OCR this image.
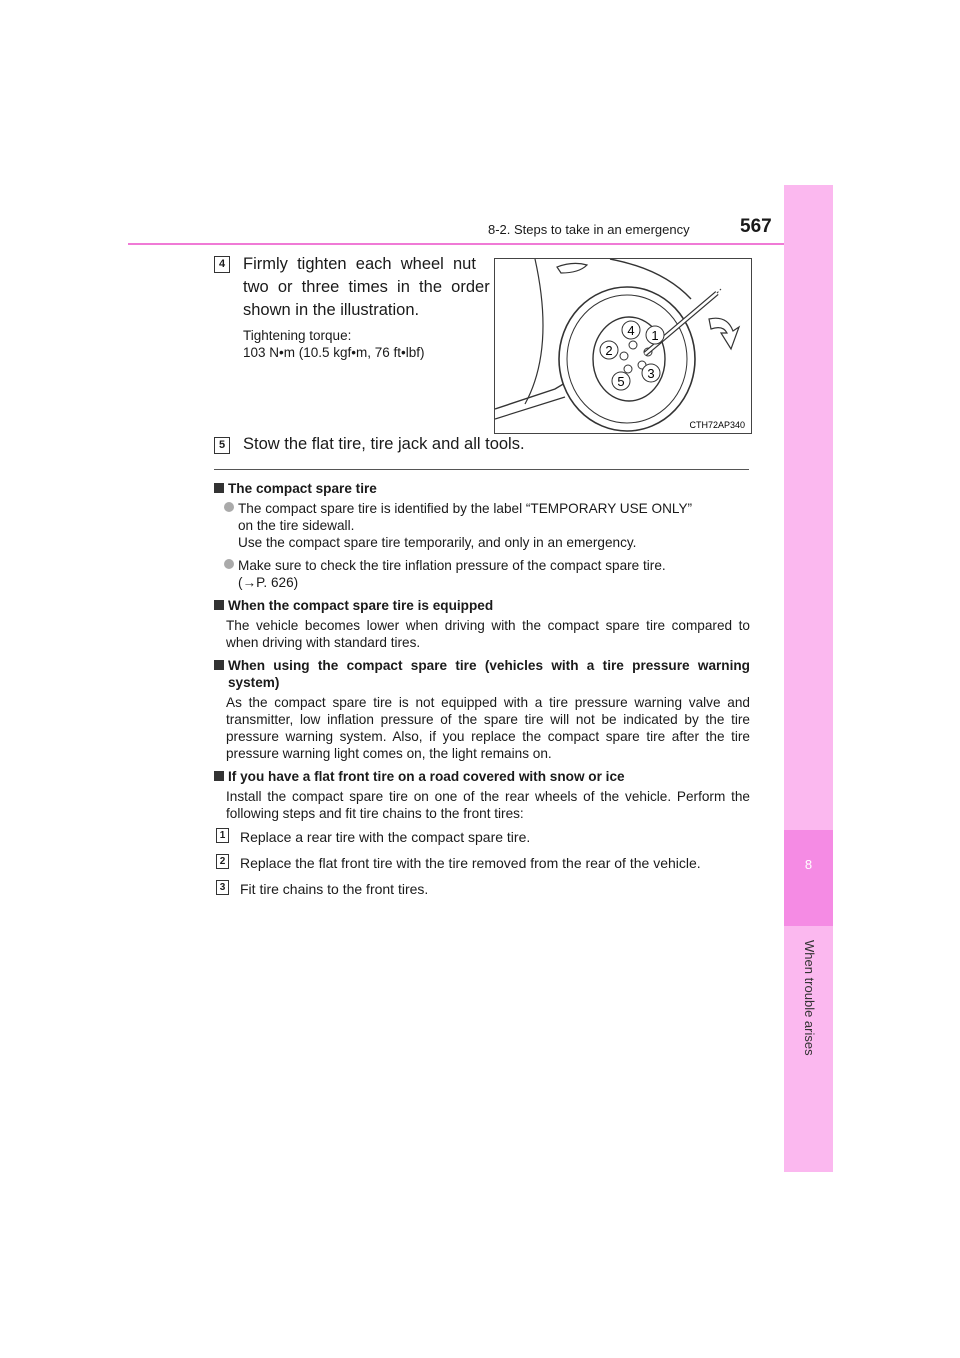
8-2. Steps to take in an emergency	567
8
When trouble arises
4 Firmly  tighten  each  wheel  nut
two  or  three  times  in  the  order
shown in the illustration.
Tightening torque:
103 N•m (10.5 kgf•m, 76 ft•lbf)
1
2
3
4
5
CTH72AP340
5 Stow the flat tire, tire jack and all tools.
The compact spare tire
The compact spare tire is identified by the label “TEMPORARY USE ONLY”
on the tire sidewall.
Use the compact spare tire temporarily, and only in an emergency.
Make sure to check the tire inflation pressure of the compact spare tire.
(→P. 626)
When the compact spare tire is equipped
The vehicle becomes lower when driving with the compact spare tire compared to when driving with standard tires.
When using the compact spare tire (vehicles with a tire pressure warning system)
As the compact spare tire is not equipped with a tire pressure warning valve and transmitter, low inflation pressure of the spare tire will not be indicated by the tire pressure warning system. Also, if you replace the compact spare tire after the tire pressure warning light comes on, the light remains on.
If you have a flat front tire on a road covered with snow or ice
Install the compact spare tire on one of the rear wheels of the vehicle. Perform the following steps and fit tire chains to the front tires:
1 Replace a rear tire with the compact spare tire.
2 Replace the flat front tire with the tire removed from the rear of the vehicle.
3 Fit tire chains to the front tires.
